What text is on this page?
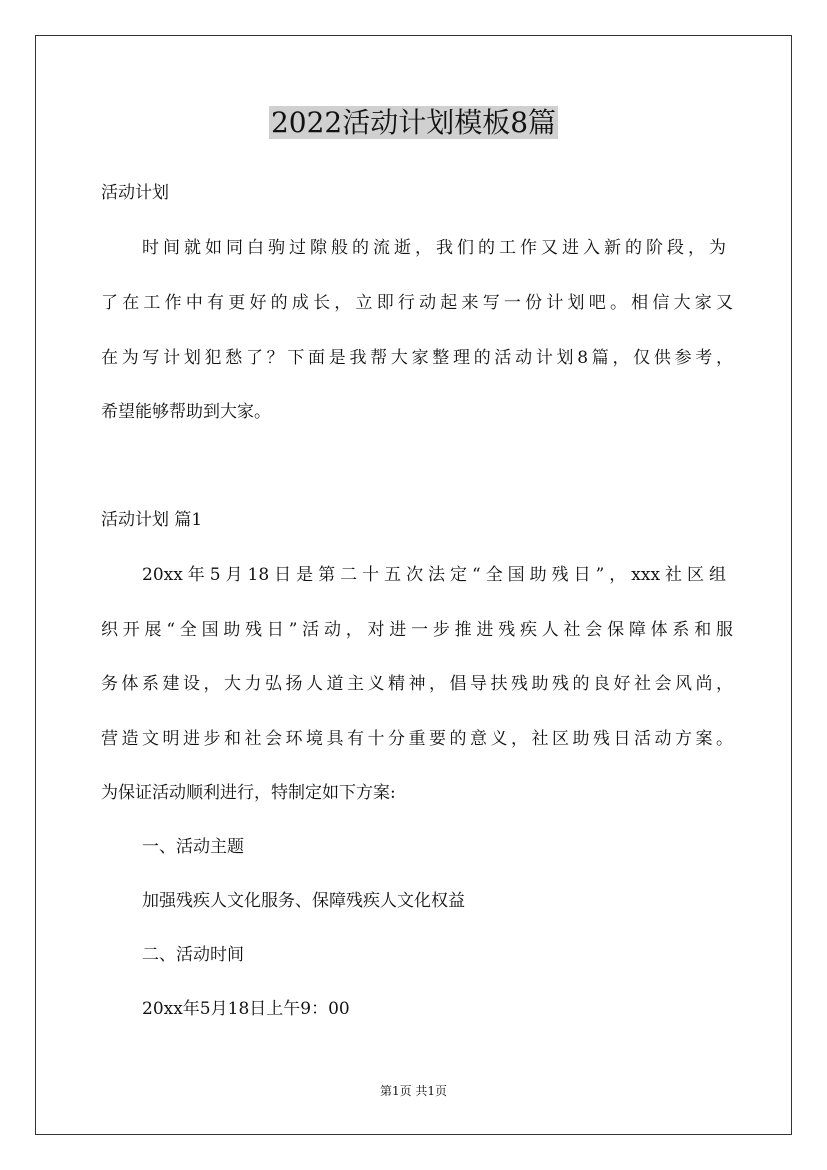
2022活动计划模板8篇

活动计划

时间就如同白驹过隙般的流逝，我们的工作又进入新的阶段，为

了在工作中有更好的成长，立即行动起来写一份计划吧。相信大家又

在为写计划犯愁了？下面是我帮大家整理的活动计划8篇，仅供参考，

希望能够帮助到大家。

活动计划 篇1

20xx年5月18日是第二十五次法定“全国助残日”，xxx社区组

织开展“全国助残日”活动，对进一步推进残疾人社会保障体系和服

务体系建设，大力弘扬人道主义精神，倡导扶残助残的良好社会风尚，

营造文明进步和社会环境具有十分重要的意义，社区助残日活动方案。

为保证活动顺利进行，特制定如下方案:

一、活动主题

加强残疾人文化服务、保障残疾人文化权益

二、活动时间

20xx年5月18日上午9：00

第1页 共1页
